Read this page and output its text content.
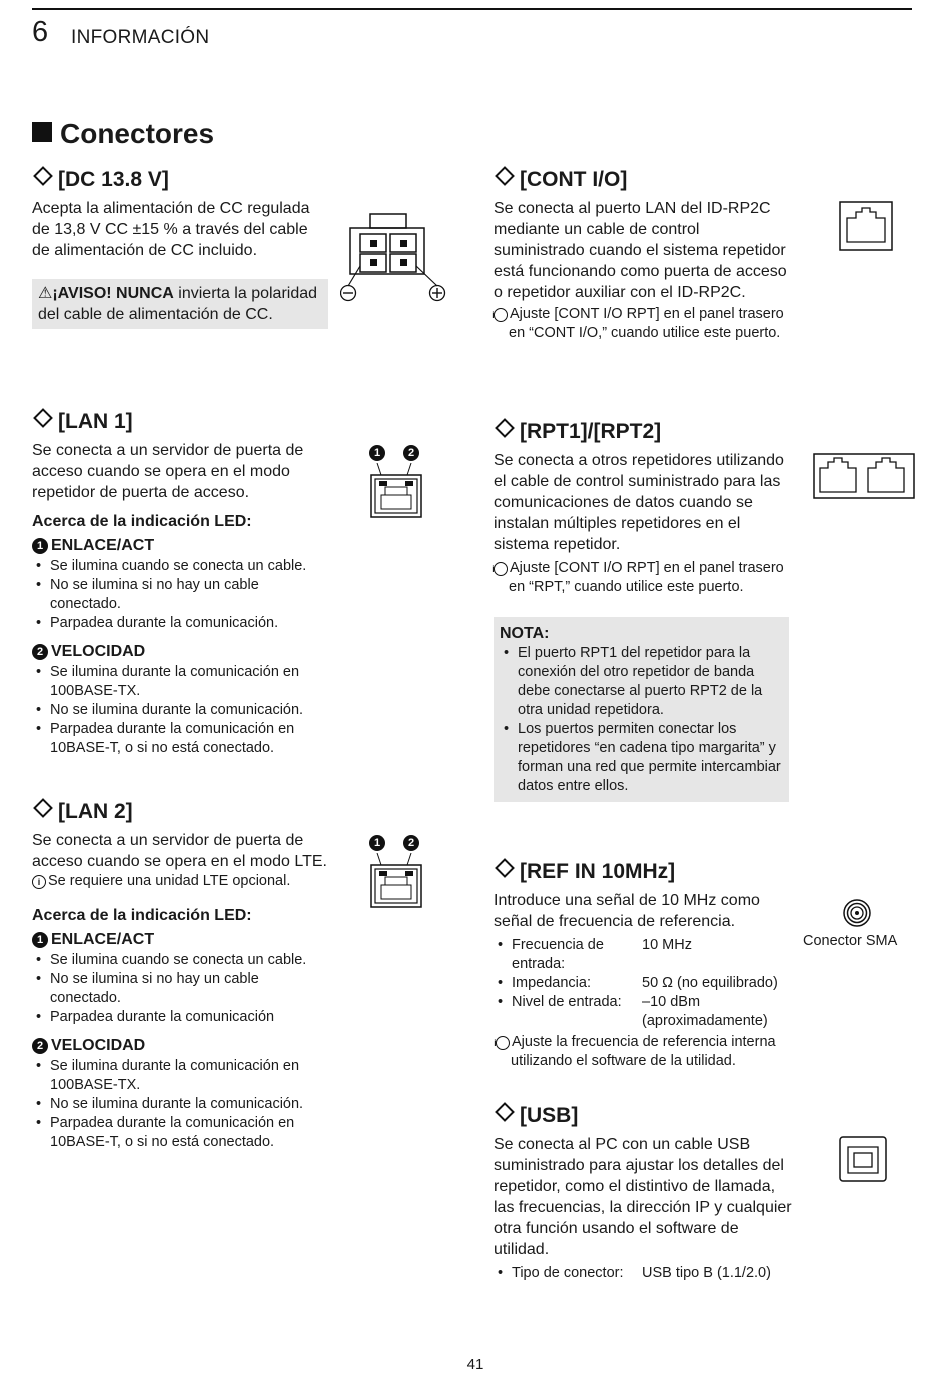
6 INFORMACIÓN
Conectores
[DC 13.8 V]

Acepta la alimentación de CC regulada de 13,8 V CC ±15 % a través del cable de alimentación de CC incluido.

⚠¡AVISO! NUNCA invierta la polaridad del cable de alimentación de CC.

[LAN 1]

Se conecta a un servidor de puerta de acceso cuando se opera en el modo repetidor de puerta de acceso.

Acerca de la indicación LED:
1 ENLACE/ACT
• Se ilumina cuando se conecta un cable.
• No se ilumina si no hay un cable conectado.
• Parpadea durante la comunicación.
2 VELOCIDAD
• Se ilumina durante la comunicación en 100BASE-TX.
• No se ilumina durante la comunicación.
• Parpadea durante la comunicación en 10BASE-T, o si no está conectado.
[LAN 2]

Se conecta a un servidor de puerta de acceso cuando se opera en el modo LTE.

i Se requiere una unidad LTE opcional.

Acerca de la indicación LED:
1 ENLACE/ACT
• Se ilumina cuando se conecta un cable.
• No se ilumina si no hay un cable conectado.
• Parpadea durante la comunicación
2 VELOCIDAD
• Se ilumina durante la comunicación en 100BASE-TX.
• No se ilumina durante la comunicación.
• Parpadea durante la comunicación en 10BASE-T, o si no está conectado.
1	2
1	2
[CONT I/O]

Se conecta al puerto LAN del ID-RP2C mediante un cable de control suministrado cuando el sistema repetidor está funcionando como puerta de acceso o repetidor auxiliar con el ID-RP2C.

i Ajuste [CONT I/O RPT] en el panel trasero en “CONT I/O,” cuando utilice este puerto.

[RPT1]/[RPT2]

Se conecta a otros repetidores utilizando el cable de control suministrado para las comunicaciones de datos cuando se instalan múltiples repetidores en el sistema repetidor.

i Ajuste [CONT I/O RPT] en el panel trasero en “RPT,” cuando utilice este puerto.

NOTA:
• El puerto RPT1 del repetidor para la conexión del otro repetidor de banda debe conectarse al puerto RPT2 de la otra unidad repetidora.
• Los puertos permiten conectar los repetidores “en cadena tipo margarita” y forman una red que permite intercambiar datos entre ellos.
[REF IN 10MHz]

Introduce una señal de 10 MHz como señal de frecuencia de referencia.

• Frecuencia de entrada:
10 MHz
• Impedancia:	50 Ω (no equilibrado)
• Nivel de entrada:	–10 dBm (aproximadamente)

i Ajuste la frecuencia de referencia interna utilizando el software de la utilidad.

[USB]

Se conecta al PC con un cable USB suministrado para ajustar los detalles del repetidor, como el distintivo de llamada, las frecuencias, la dirección IP y cualquier otra función usando el software de utilidad.

• Tipo de conector:	USB tipo B (1.1/2.0)
Conector SMA
41
